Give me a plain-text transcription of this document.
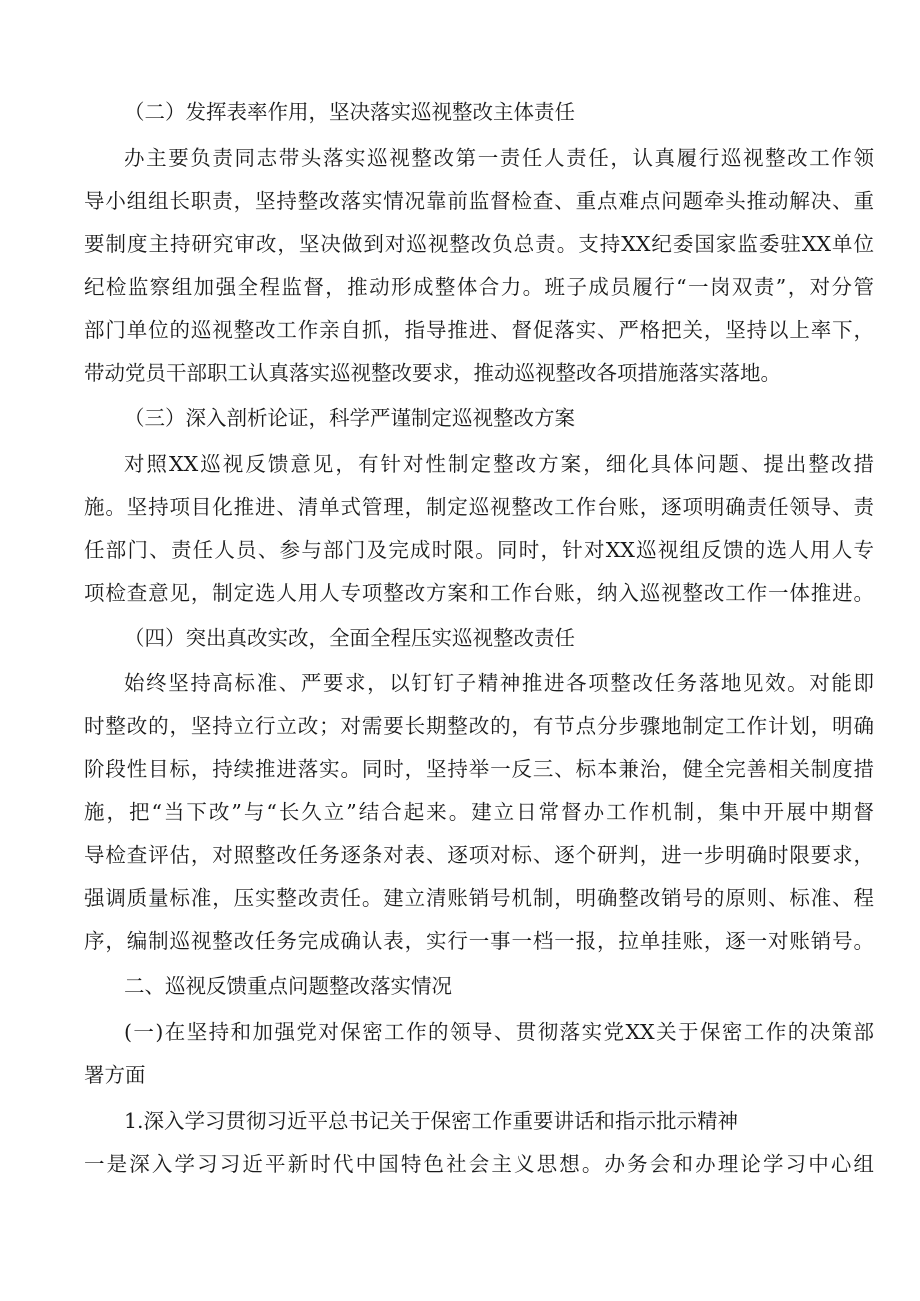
（二）发挥表率作用，坚决落实巡视整改主体责任
办主要负责同志带头落实巡视整改第一责任人责任，认真履行巡视整改工作领
导小组组长职责，坚持整改落实情况靠前监督检查、重点难点问题牵头推动解决、重
要制度主持研究审改，坚决做到对巡视整改负总责。支持XX纪委国家监委驻XX单位
纪检监察组加强全程监督，推动形成整体合力。班子成员履行“一岗双责”，对分管
部门单位的巡视整改工作亲自抓，指导推进、督促落实、严格把关，坚持以上率下，
带动党员干部职工认真落实巡视整改要求，推动巡视整改各项措施落实落地。
（三）深入剖析论证，科学严谨制定巡视整改方案
对照XX巡视反馈意见，有针对性制定整改方案，细化具体问题、提出整改措
施。坚持项目化推进、清单式管理，制定巡视整改工作台账，逐项明确责任领导、责
任部门、责任人员、参与部门及完成时限。同时，针对XX巡视组反馈的选人用人专
项检查意见，制定选人用人专项整改方案和工作台账，纳入巡视整改工作一体推进。
（四）突出真改实改，全面全程压实巡视整改责任
始终坚持高标准、严要求，以钉钉子精神推进各项整改任务落地见效。对能即
时整改的，坚持立行立改；对需要长期整改的，有节点分步骤地制定工作计划，明确
阶段性目标，持续推进落实。同时，坚持举一反三、标本兼治，健全完善相关制度措
施，把“当下改”与“长久立”结合起来。建立日常督办工作机制，集中开展中期督
导检查评估，对照整改任务逐条对表、逐项对标、逐个研判，进一步明确时限要求，
强调质量标准，压实整改责任。建立清账销号机制，明确整改销号的原则、标准、程
序，编制巡视整改任务完成确认表，实行一事一档一报，拉单挂账，逐一对账销号。
二、巡视反馈重点问题整改落实情况
(一)在坚持和加强党对保密工作的领导、贯彻落实党XX关于保密工作的决策部
署方面
1.深入学习贯彻习近平总书记关于保密工作重要讲话和指示批示精神
一是深入学习习近平新时代中国特色社会主义思想。办务会和办理论学习中心组
